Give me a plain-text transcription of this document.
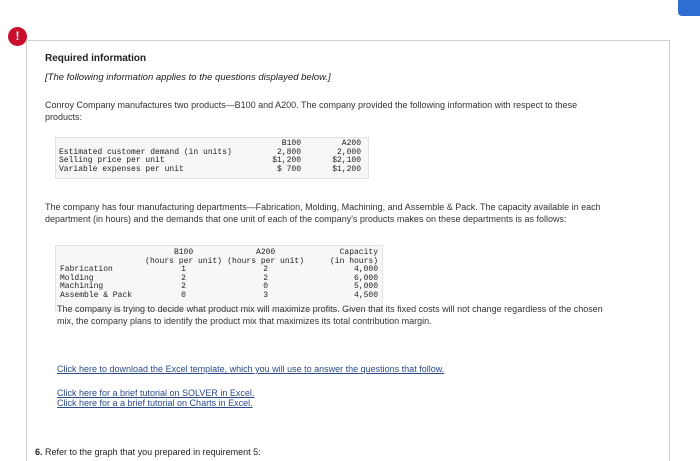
!
Required information
[The following information applies to the questions displayed below.]
Conroy Company manufactures two products—B100 and A200. The company provided the following information with respect to these products:
	B100	A200
Estimated customer demand (in units)	2,800	2,000
Selling price per unit	$1,200	$2,100
Variable expenses per unit	$ 700	$1,200
The company has four manufacturing departments—Fabrication, Molding, Machining, and Assemble & Pack. The capacity available in each department (in hours) and the demands that one unit of each of the company's products makes on these departments is as follows:
	B100	A200	Capacity
	(hours per unit)	(hours per unit)	(in hours)
Fabrication	1	2	4,000
Molding	2	2	6,000
Machining	2	0	5,000
Assemble & Pack	0	3	4,500
The company is trying to decide what product mix will maximize profits. Given that its fixed costs will not change regardless of the chosen mix, the company plans to identify the product mix that maximizes its total contribution margin.
Click here to download the Excel template, which you will use to answer the questions that follow.
Click here for a brief tutorial on SOLVER in Excel.
Click here for a a brief tutorial on Charts in Excel.
6. Refer to the graph that you prepared in requirement 5:
